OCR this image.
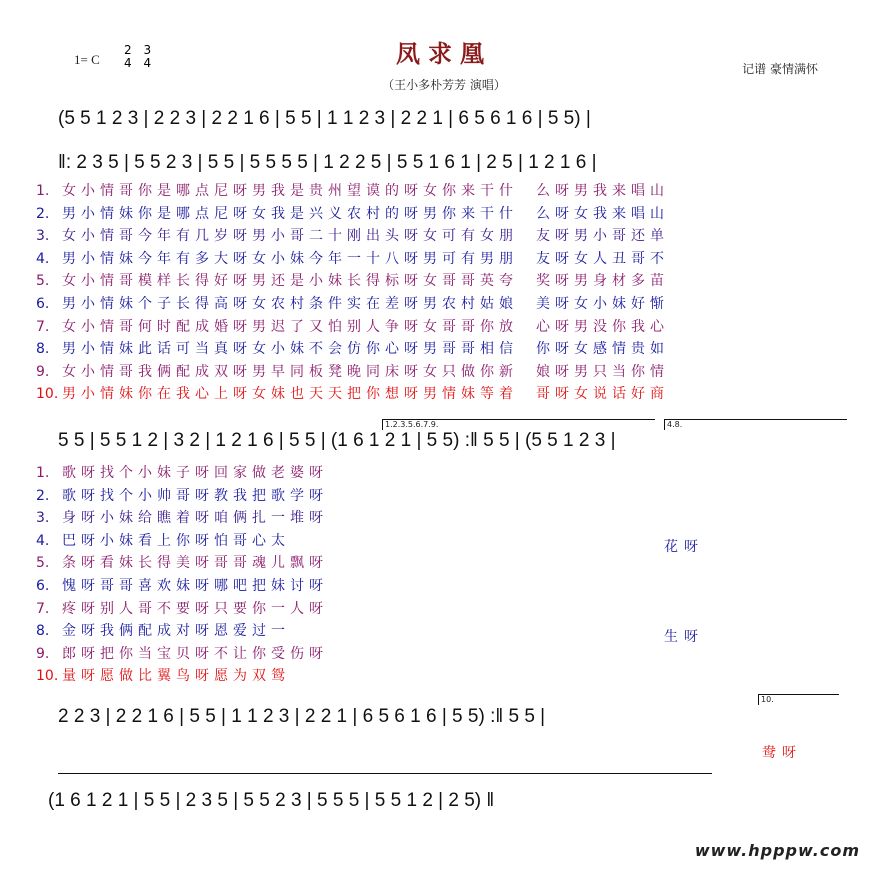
1= C
2
4 3
4	凤求凰
（王小多朴芳芳 演唱）
记谱 豪情满怀
(5 5 1 2 3 | 2 2 3 | 2 2 1 6 | 5 5 | 1 1 2 3 | 2 2 1 | 6 5 6 1 6 | 5 5) |
‖: 2 3 5 | 5 5 2 3 | 5 5 | 5 5 5 5 | 1 2 2 5 | 5 5 1 6 1 | 2 5 | 1 2 1 6 |
1. 女小情哥你是哪点尼呀男我是贵州望谟的呀女你来干什 么呀男我来唱山
2. 男小情妹你是哪点尼呀女我是兴义农村的呀男你来干什 么呀女我来唱山
3. 女小情哥今年有几岁呀男小哥二十刚出头呀女可有女朋 友呀男小哥还单
4. 男小情妹今年有多大呀女小妹今年一十八呀男可有男朋 友呀女人丑哥不
5. 女小情哥模样长得好呀男还是小妹长得标呀女哥哥英夸 奖呀男身材多苗
6. 男小情妹个子长得高呀女农村条件实在差呀男农村姑娘 美呀女小妹好惭
7. 女小情哥何时配成婚呀男迟了又怕别人争呀女哥哥你放 心呀男没你我心
8. 男小情妹此话可当真呀女小妹不会仿你心呀男哥哥相信 你呀女感情贵如
9. 女小情哥我俩配成双呀男早同板凳晚同床呀女只做你新 娘呀男只当你情
10. 男小情妹你在我心上呀女妹也天天把你想呀男情妹等着 哥呀女说话好商
5 5 | 5 5 1 2 | 3 2 | 1 2 1 6 | 5 5 | (1 6 1 2 1 | 5 5) :‖ 5 5 | (5 5 1 2 3 |
1.2.3.5.6.7.9.	4.8.
1. 歌呀找个小妹子呀回家做老婆呀
2. 歌呀找个小帅哥呀教我把歌学呀
3. 身呀小妹给瞧着呀咱俩扎一堆呀
4. 巴呀小妹看上你呀怕哥心太
5. 条呀看妹长得美呀哥哥魂儿飘呀
6. 愧呀哥哥喜欢妹呀哪吧把妹讨呀
7. 疼呀别人哥不要呀只要你一人呀
8. 金呀我俩配成对呀恩爱过一
9. 郎呀把你当宝贝呀不让你受伤呀
10. 量呀愿做比翼鸟呀愿为双鸳
花呀
生呀
2 2 3 | 2 2 1 6 | 5 5 | 1 1 2 3 | 2 2 1 | 6 5 6 1 6 | 5 5) :‖ 5 5 |
10.
鸯呀
(1 6 1 2 1 | 5 5 | 2 3 5 | 5 5 2 3 | 5 5 5 | 5 5 1 2 | 2 5) ‖
www.hpppw.com
